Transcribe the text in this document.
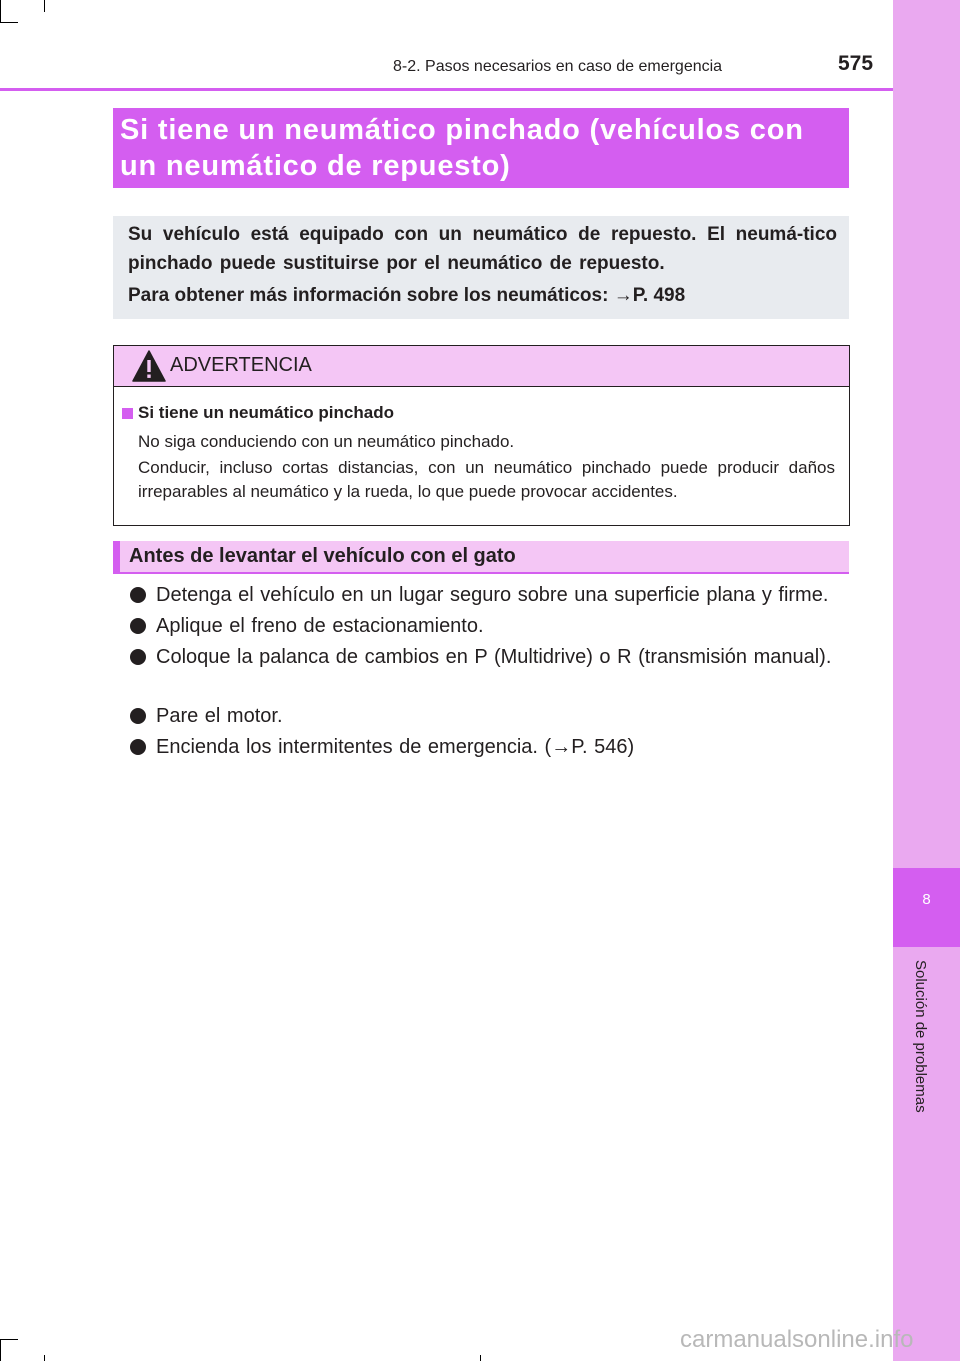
8
Solución de problemas
8-2. Pasos necesarios en caso de emergencia	575
Si tiene un neumático pinchado (vehículos con un neumático de repuesto)
Su vehículo está equipado con un neumático de repuesto. El neumá-tico pinchado puede sustituirse por el neumático de repuesto.
Para obtener más información sobre los neumáticos: →P. 498
ADVERTENCIA
Si tiene un neumático pinchado
No siga conduciendo con un neumático pinchado.
Conducir, incluso cortas distancias, con un neumático pinchado puede producir daños irreparables al neumático y la rueda, lo que puede provocar accidentes.
Antes de levantar el vehículo con el gato
Detenga el vehículo en un lugar seguro sobre una superficie plana y firme.
Aplique el freno de estacionamiento.
Coloque la palanca de cambios en P (Multidrive) o R (transmisión manual).
Pare el motor.
Encienda los intermitentes de emergencia. (→P. 546)
carmanualsonline.info
